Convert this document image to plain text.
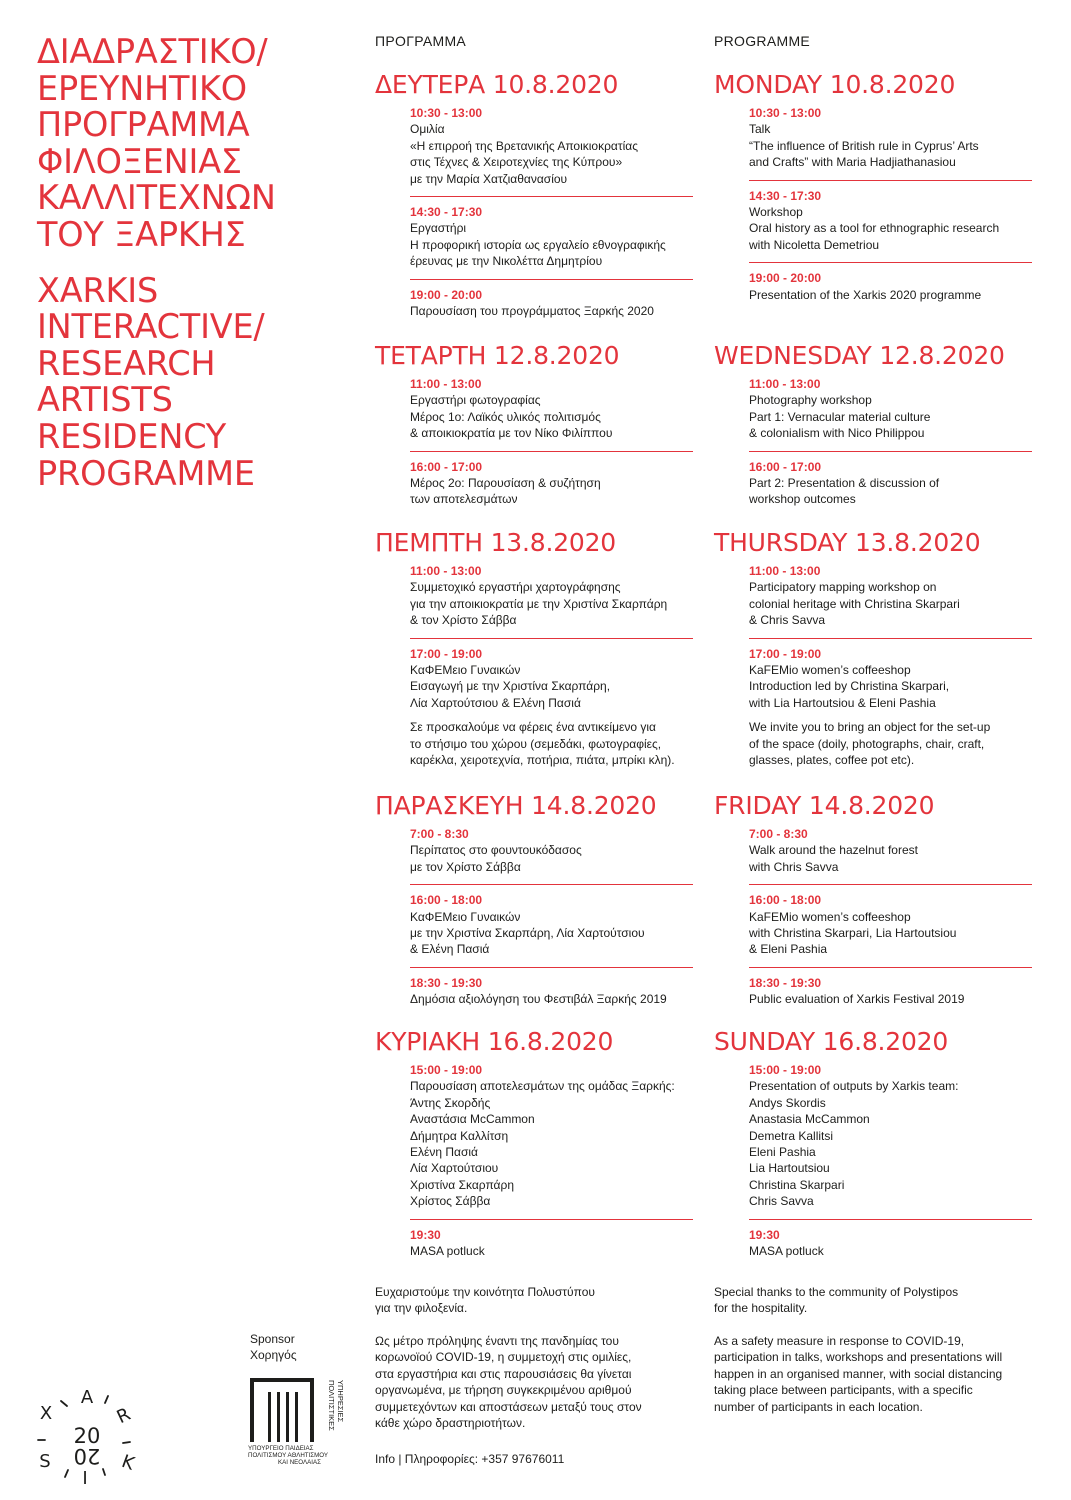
ΔΙΑΔΡΑΣΤΙΚΟ/
ΕΡΕΥΝΗΤΙΚΟ
ΠΡΟΓΡΑΜΜΑ
ΦΙΛΟΞΕΝΙΑΣ
ΚΑΛΛΙΤΕΧΝΩΝ
ΤΟΥ ΞΑΡΚΗΣ
XARKIS
INTERACTIVE/
RESEARCH
ARTISTS
RESIDENCY
PROGRAMME
ΠΡΟΓΡΑΜΜΑ
ΔΕΥΤΕΡΑ 10.8.2020
10:30 - 13:00
Ομιλία
«Η επιρροή της Βρετανικής Αποικιοκρατίας
στις Τέχνες & Χειροτεχνίες της Κύπρου»
με την Μαρία Χατζιαθανασίου
14:30 - 17:30
Εργαστήρι
Η προφορική ιστορία ως εργαλείο εθνογραφικής
έρευνας με την Νικολέττα Δημητρίου
19:00 - 20:00
Παρουσίαση του προγράμματος Ξαρκής 2020
ΤΕΤΑΡΤΗ 12.8.2020
11:00 - 13:00
Εργαστήρι φωτογραφίας
Μέρος 1ο: Λαϊκός υλικός πολιτισμός
& αποικιοκρατία με τον Νίκο Φιλίππου
16:00 - 17:00
Μέρος 2ο: Παρουσίαση & συζήτηση
των αποτελεσμάτων
ΠΕΜΠΤΗ 13.8.2020
11:00 - 13:00
Συμμετοχικό εργαστήρι χαρτογράφησης
για την αποικιοκρατία με την Χριστίνα Σκαρπάρη
& τον Χρίστο Σάββα
17:00 - 19:00
ΚαΦΕΜειο Γυναικών
Εισαγωγή με την Χριστίνα Σκαρπάρη,
Λία Χαρτούτσιου & Ελένη Πασιά
Σε προσκαλούμε να φέρεις ένα αντικείμενο για
το στήσιμο του χώρου (σεμεδάκι, φωτογραφίες,
καρέκλα, χειροτεχνία, ποτήρια, πιάτα, μπρίκι κλη).
ΠΑΡΑΣΚΕΥΗ 14.8.2020
7:00 - 8:30
Περίπατος στο φουντουκόδασος
με τον Χρίστο Σάββα
16:00 - 18:00
ΚαΦΕΜειο Γυναικών
με την Χριστίνα Σκαρπάρη, Λία Χαρτούτσιου
& Ελένη Πασιά
18:30 - 19:30
Δημόσια αξιολόγηση του Φεστιβάλ Ξαρκής 2019
ΚΥΡΙΑΚΗ 16.8.2020
15:00 - 19:00
Παρουσίαση αποτελεσμάτων της ομάδας Ξαρκής:
Άντης Σκορδής
Αναστάσια McCammon
Δήμητρα Καλλίτση
Ελένη Πασιά
Λία Χαρτούτσιου
Χριστίνα Σκαρπάρη
Χρίστος Σάββα
19:30
MASA potluck
PROGRAMME
MONDAY 10.8.2020
10:30 - 13:00
Talk
“The influence of British rule in Cyprus’ Arts
and Crafts” with Maria Hadjiathanasiou
14:30 - 17:30
Workshop
Oral history as a tool for ethnographic research
with Nicoletta Demetriou
19:00 - 20:00
Presentation of the Xarkis 2020 programme
WEDNESDAY 12.8.2020
11:00 - 13:00
Photography workshop
Part 1: Vernacular material culture
& colonialism with Nico Philippou
16:00 - 17:00
Part 2: Presentation & discussion of
workshop outcomes
THURSDAY 13.8.2020
11:00 - 13:00
Participatory mapping workshop on
colonial heritage with Christina Skarpari
& Chris Savva
17:00 - 19:00
KaFEMio women’s coffeeshop
Introduction led by Christina Skarpari,
with Lia Hartoutsiou & Eleni Pashia
We invite you to bring an object for the set-up
of the space (doily, photographs, chair, craft,
glasses, plates, coffee pot etc).
FRIDAY 14.8.2020
7:00 - 8:30
Walk around the hazelnut forest
with Chris Savva
16:00 - 18:00
KaFEMio women’s coffeeshop
with Christina Skarpari, Lia Hartoutsiou
& Eleni Pashia
18:30 - 19:30
Public evaluation of Xarkis Festival 2019
SUNDAY 16.8.2020
15:00 - 19:00
Presentation of outputs by Xarkis team:
Andys Skordis
Anastasia McCammon
Demetra Kallitsi
Eleni Pashia
Lia Hartoutsiou
Christina Skarpari
Chris Savva
19:30
MASA potluck
Ευχαριστούμε την κοινότητα Πολυστύπου
για την φιλοξενία.
Ως μέτρο πρόληψης έναντι της πανδημίας του
κορωνοϊού COVID-19, η συμμετοχή στις ομιλίες,
στα εργαστήρια και στις παρουσιάσεις θα γίνεται
οργανωμένα, με τήρηση συγκεκριμένου αριθμού
συμμετεχόντων και αποστάσεων μεταξύ τους στον
κάθε χώρο δραστηριοτήτων.
Info | Πληροφορίες: +357 97676011
Special thanks to the community of Polystipos
for the hospitality.
As a safety measure in response to COVID-19,
participation in talks, workshops and presentations will
happen in an organised manner, with social distancing
taking place between participants, with a specific
number of participants in each location.
Sponsor
Χορηγός
ΠΟΛΙΤΙΣΤΙΚΕΣ ΥΠΗΡΕΣΙΕΣ
ΥΠΟΥΡΓΕΙΟ ΠΑΙΔΕΙΑΣ
ΠΟΛΙΤΙΣΜΟΥ ΑΘΛΗΤΙΣΜΟΥ
ΚΑΙ ΝΕΟΛΑΙΑΣ
X
A
R
K
I
S
20
20
